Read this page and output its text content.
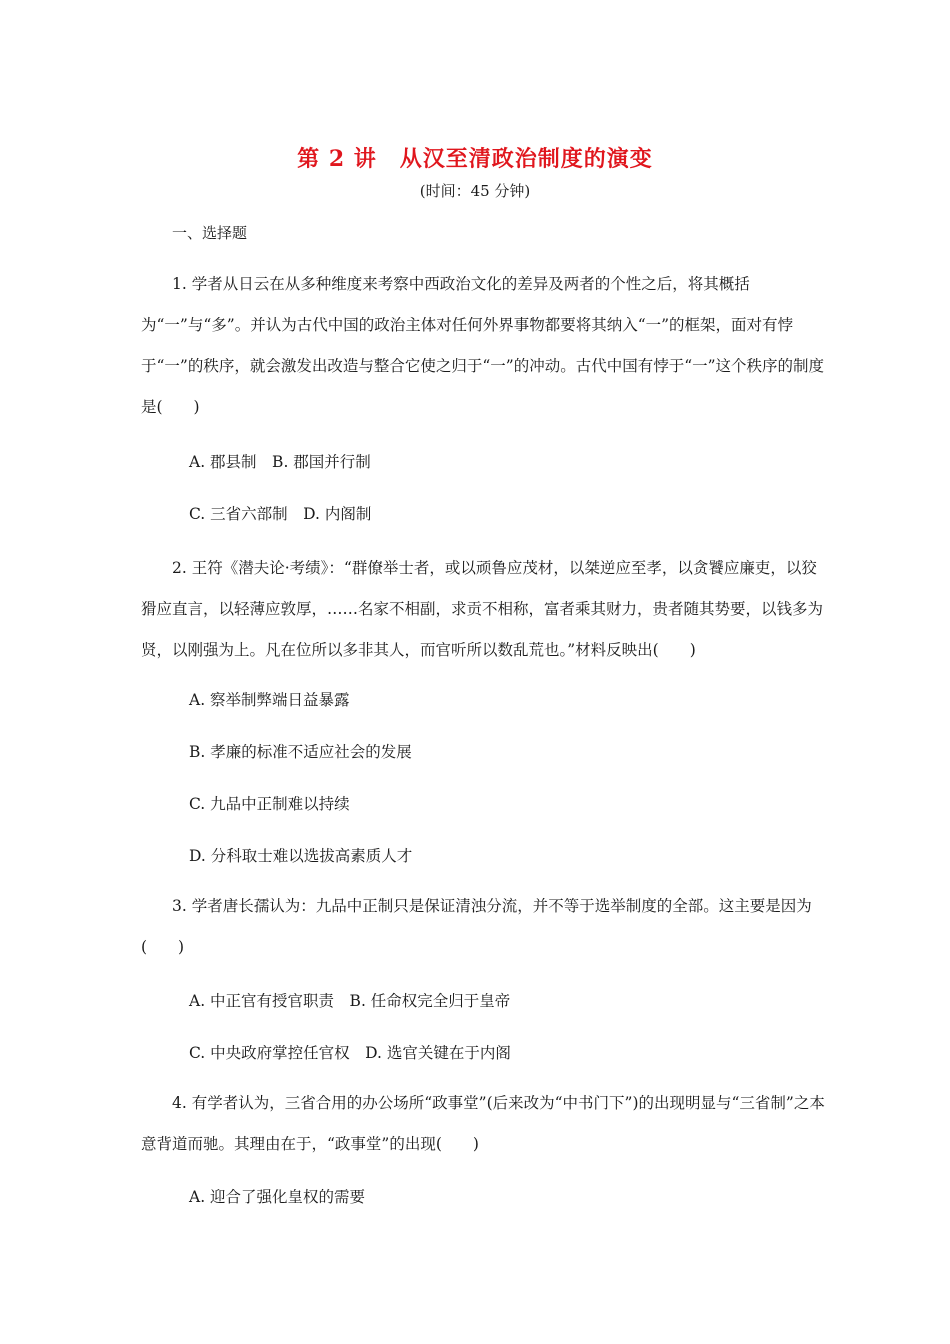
第 2 讲　从汉至清政治制度的演变
(时间：45 分钟)
一、选择题
1. 学者从日云在从多种维度来考察中西政治文化的差异及两者的个性之后，将其概括为“一”与“多”。并认为古代中国的政治主体对任何外界事物都要将其纳入“一”的框架，面对有悖于“一”的秩序，就会激发出改造与整合它使之归于“一”的冲动。古代中国有悖于“一”这个秩序的制度是(　　)
A. 郡县制　B. 郡国并行制
C. 三省六部制　D. 内阁制
2. 王符《潜夫论·考绩》：“群僚举士者，或以顽鲁应茂材，以桀逆应至孝，以贪饕应廉吏，以狡猾应直言，以轻薄应敦厚，……名家不相副，求贡不相称，富者乘其财力，贵者随其势要，以钱多为贤，以刚强为上。凡在位所以多非其人，而官听所以数乱荒也。”材料反映出(　　)
A. 察举制弊端日益暴露
B. 孝廉的标准不适应社会的发展
C. 九品中正制难以持续
D. 分科取士难以选拔高素质人才
3. 学者唐长孺认为：九品中正制只是保证清浊分流，并不等于选举制度的全部。这主要是因为(　　)
A. 中正官有授官职责　B. 任命权完全归于皇帝
C. 中央政府掌控任官权　D. 选官关键在于内阁
4. 有学者认为，三省合用的办公场所“政事堂”(后来改为“中书门下”)的出现明显与“三省制”之本意背道而驰。其理由在于，“政事堂”的出现(　　)
A. 迎合了强化皇权的需要
